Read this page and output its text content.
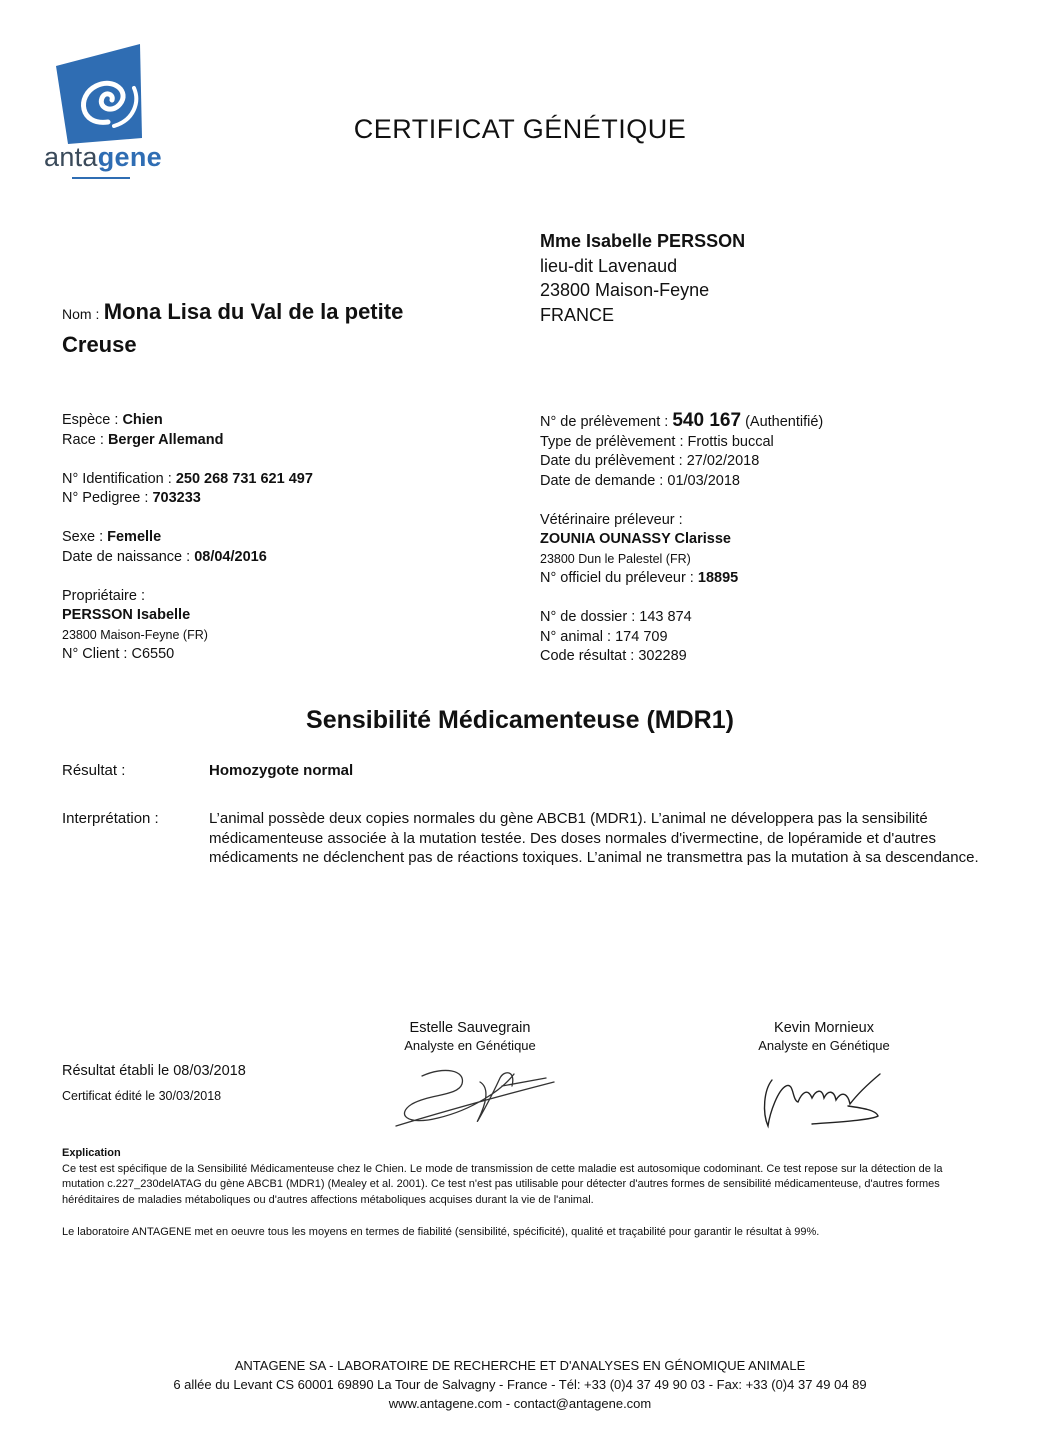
antagene
CERTIFICAT GÉNÉTIQUE
Mme Isabelle PERSSON
lieu-dit Lavenaud
23800 Maison-Feyne
FRANCE
Nom : Mona Lisa du Val de la petite Creuse
Espèce : Chien
Race : Berger Allemand
N° Identification : 250 268 731 621 497
N° Pedigree : 703233
Sexe : Femelle
Date de naissance : 08/04/2016
Propriétaire :
PERSSON Isabelle
23800 Maison-Feyne (FR)
N° Client : C6550
N° de prélèvement : 540 167 (Authentifié)
Type de prélèvement : Frottis buccal
Date du prélèvement : 27/02/2018
Date de demande : 01/03/2018
Vétérinaire préleveur :
ZOUNIA OUNASSY Clarisse
23800 Dun le Palestel (FR)
N° officiel du préleveur : 18895
N° de dossier : 143 874
N° animal : 174 709
Code résultat : 302289
Sensibilité Médicamenteuse (MDR1)
Résultat :	Homozygote normal
Interprétation :	L’animal possède deux copies normales du gène ABCB1 (MDR1). L’animal ne développera pas la sensibilité médicamenteuse associée à la mutation testée. Des doses normales d'ivermectine, de lopéramide et d'autres médicaments ne déclenchent pas de réactions toxiques. L’animal ne transmettra pas la mutation à sa descendance.
Estelle Sauvegrain
Analyste en Génétique
Kevin Mornieux
Analyste en Génétique
Résultat établi le 08/03/2018
Certificat édité le 30/03/2018
Explication
Ce test est spécifique de la Sensibilité Médicamenteuse chez le Chien. Le mode de transmission de cette maladie est autosomique codominant. Ce test repose sur la détection de la mutation c.227_230delATAG du gène ABCB1 (MDR1) (Mealey et al. 2001). Ce test n'est pas utilisable pour détecter d'autres formes de sensibilité médicamenteuse, d'autres formes héréditaires de maladies métaboliques ou d'autres affections métaboliques acquises durant la vie de l'animal.
Le laboratoire ANTAGENE met en oeuvre tous les moyens en termes de fiabilité (sensibilité, spécificité), qualité et traçabilité pour garantir le résultat à 99%.
ANTAGENE SA - LABORATOIRE DE RECHERCHE ET D'ANALYSES EN GÉNOMIQUE ANIMALE
6 allée du Levant CS 60001 69890 La Tour de Salvagny - France - Tél: +33 (0)4 37 49 90 03 - Fax: +33 (0)4 37 49 04 89
www.antagene.com - contact@antagene.com
